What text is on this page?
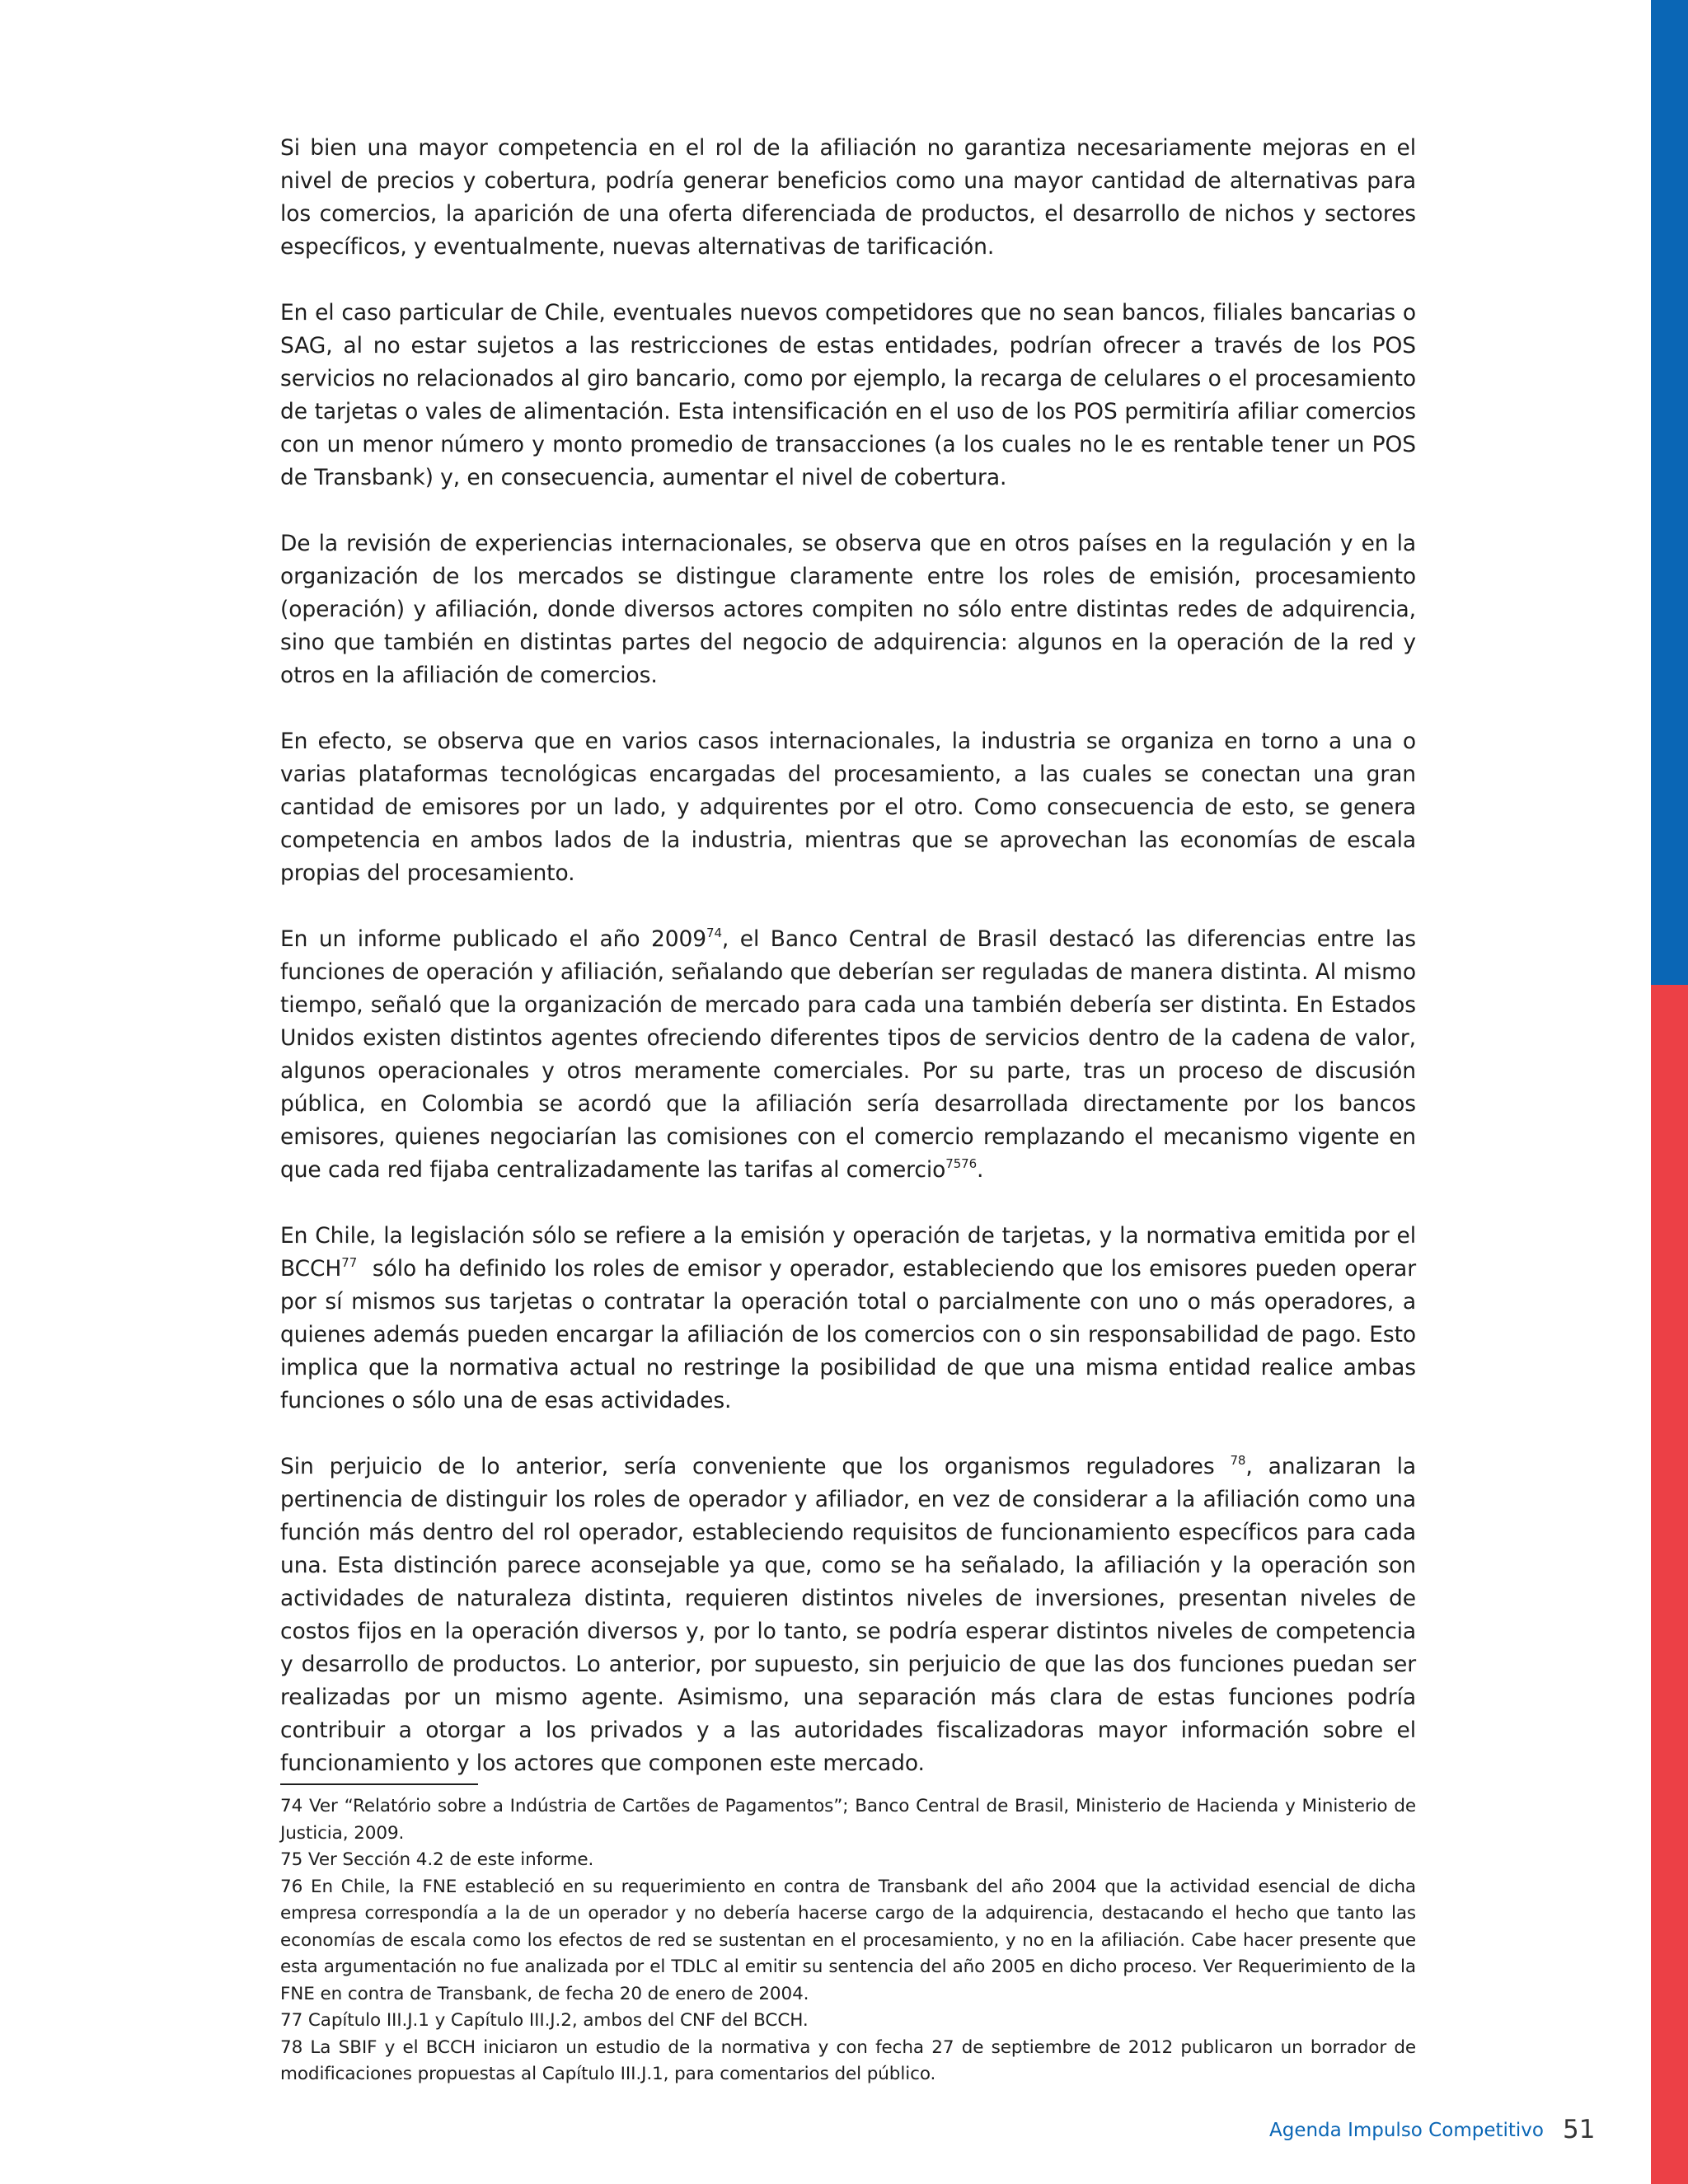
Si bien una mayor competencia en el rol de la afiliación no garantiza necesariamente mejoras en el nivel de precios y cobertura, podría generar beneficios como una mayor cantidad de alternativas para los comercios, la aparición de una oferta diferenciada de productos, el desarrollo de nichos y sectores específicos, y eventualmente, nuevas alternativas de tarificación.

En el caso particular de Chile, eventuales nuevos competidores que no sean bancos, filiales bancarias o SAG, al no estar sujetos a las restricciones de estas entidades, podrían ofrecer a través de los POS servicios no relacionados al giro bancario, como por ejemplo, la recarga de celulares o el procesamiento de tarjetas o vales de alimentación. Esta intensificación en el uso de los POS permitiría afiliar comercios con un menor número y monto promedio de transacciones (a los cuales no le es rentable tener un POS de Transbank) y, en consecuencia, aumentar el nivel de cobertura.

De la revisión de experiencias internacionales, se observa que en otros países en la regulación y en la organización de los mercados se distingue claramente entre los roles de emisión, procesamiento (operación) y afiliación, donde diversos actores compiten no sólo entre distintas redes de adquirencia, sino que también en distintas partes del negocio de adquirencia: algunos en la operación de la red y otros en la afiliación de comercios.

En efecto, se observa que en varios casos internacionales, la industria se organiza en torno a una o varias plataformas tecnológicas encargadas del procesamiento, a las cuales se conectan una gran cantidad de emisores por un lado, y adquirentes por el otro. Como consecuencia de esto, se genera competencia en ambos lados de la industria, mientras que se aprovechan las economías de escala propias del procesamiento.

En un informe publicado el año 2009$^{74}$, el Banco Central de Brasil destacó las diferencias entre las funciones de operación y afiliación, señalando que deberían ser reguladas de manera distinta. Al mismo tiempo, señaló que la organización de mercado para cada una también debería ser distinta. En Estados Unidos existen distintos agentes ofreciendo diferentes tipos de servicios dentro de la cadena de valor, algunos operacionales y otros meramente comerciales. Por su parte, tras un proceso de discusión pública, en Colombia se acordó que la afiliación sería desarrollada directamente por los bancos emisores, quienes negociarían las comisiones con el comercio remplazando el mecanismo vigente en que cada red fijaba centralizadamente las tarifas al comercio$^{7576}$.

En Chile, la legislación sólo se refiere a la emisión y operación de tarjetas, y la normativa emitida por el BCCH$^{77}$  sólo ha definido los roles de emisor y operador, estableciendo que los emisores pueden operar por sí mismos sus tarjetas o contratar la operación total o parcialmente con uno o más operadores, a quienes además pueden encargar la afiliación de los comercios con o sin responsabilidad de pago. Esto implica que la normativa actual no restringe la posibilidad de que una misma entidad realice ambas funciones o sólo una de esas actividades.

Sin perjuicio de lo anterior, sería conveniente que los organismos reguladores $^{78}$, analizaran la pertinencia de distinguir los roles de operador y afiliador, en vez de considerar a la afiliación como una función más dentro del rol operador, estableciendo requisitos de funcionamiento específicos para cada una. Esta distinción parece aconsejable ya que, como se ha señalado, la afiliación y la operación son actividades de naturaleza distinta, requieren distintos niveles de inversiones, presentan niveles de costos fijos en la operación diversos y, por lo tanto, se podría esperar distintos niveles de competencia y desarrollo de productos. Lo anterior, por supuesto, sin perjuicio de que las dos funciones puedan ser realizadas por un mismo agente. Asimismo, una separación más clara de estas funciones podría contribuir a otorgar a los privados y a las autoridades fiscalizadoras mayor información sobre el funcionamiento y los actores que componen este mercado.

74 Ver “Relatório sobre a Indústria de Cartões de Pagamentos”; Banco Central de Brasil, Ministerio de Hacienda y Ministerio de Justicia, 2009.

75 Ver Sección 4.2 de este informe.

76 En Chile, la FNE estableció en su requerimiento en contra de Transbank del año 2004 que la actividad esencial de dicha empresa correspondía a la de un operador y no debería hacerse cargo de la adquirencia, destacando el hecho que tanto las economías de escala como los efectos de red se sustentan en el procesamiento, y no en la afiliación. Cabe hacer presente que esta argumentación no fue analizada por el TDLC al emitir su sentencia del año 2005 en dicho proceso. Ver Requerimiento de la FNE en contra de Transbank, de fecha 20 de enero de 2004.

77 Capítulo III.J.1 y Capítulo III.J.2, ambos del CNF del BCCH.

78 La SBIF y el BCCH iniciaron un estudio de la normativa y con fecha 27 de septiembre de 2012 publicaron un borrador de modificaciones propuestas al Capítulo III.J.1, para comentarios del público.

Agenda Impulso Competitivo 51
